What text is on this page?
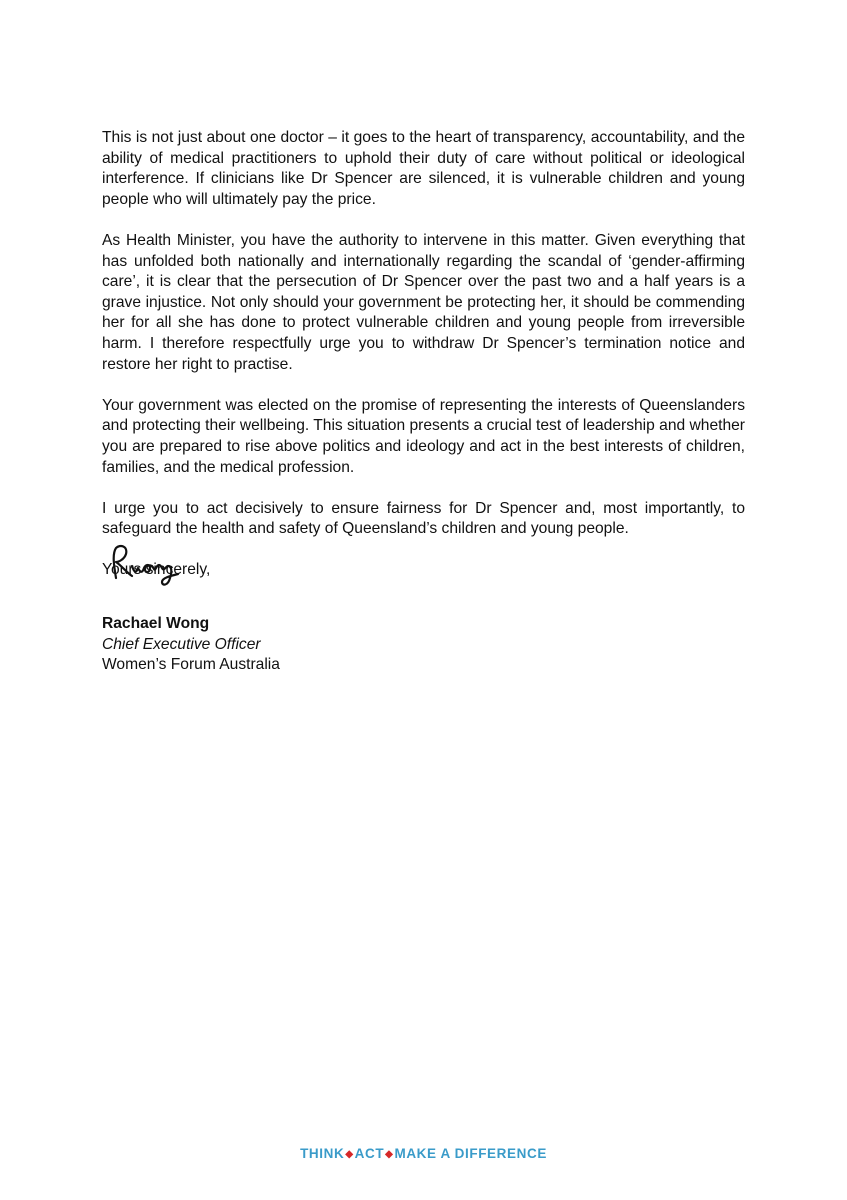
This is not just about one doctor – it goes to the heart of transparency, accountability, and the ability of medical practitioners to uphold their duty of care without political or ideological interference. If clinicians like Dr Spencer are silenced, it is vulnerable children and young people who will ultimately pay the price.

As Health Minister, you have the authority to intervene in this matter. Given everything that has unfolded both nationally and internationally regarding the scandal of ‘gender-affirming care’, it is clear that the persecution of Dr Spencer over the past two and a half years is a grave injustice. Not only should your government be protecting her, it should be commending her for all she has done to protect vulnerable children and young people from irreversible harm. I therefore respectfully urge you to withdraw Dr Spencer’s termination notice and restore her right to practise.

Your government was elected on the promise of representing the interests of Queenslanders and protecting their wellbeing. This situation presents a crucial test of leadership and whether you are prepared to rise above politics and ideology and act in the best interests of children, families, and the medical profession.

I urge you to act decisively to ensure fairness for Dr Spencer and, most importantly, to safeguard the health and safety of Queensland’s children and young people.

Yours sincerely,

Rachael Wong
Chief Executive Officer
Women’s Forum Australia
THINK◆ACT◆MAKE A DIFFERENCE
